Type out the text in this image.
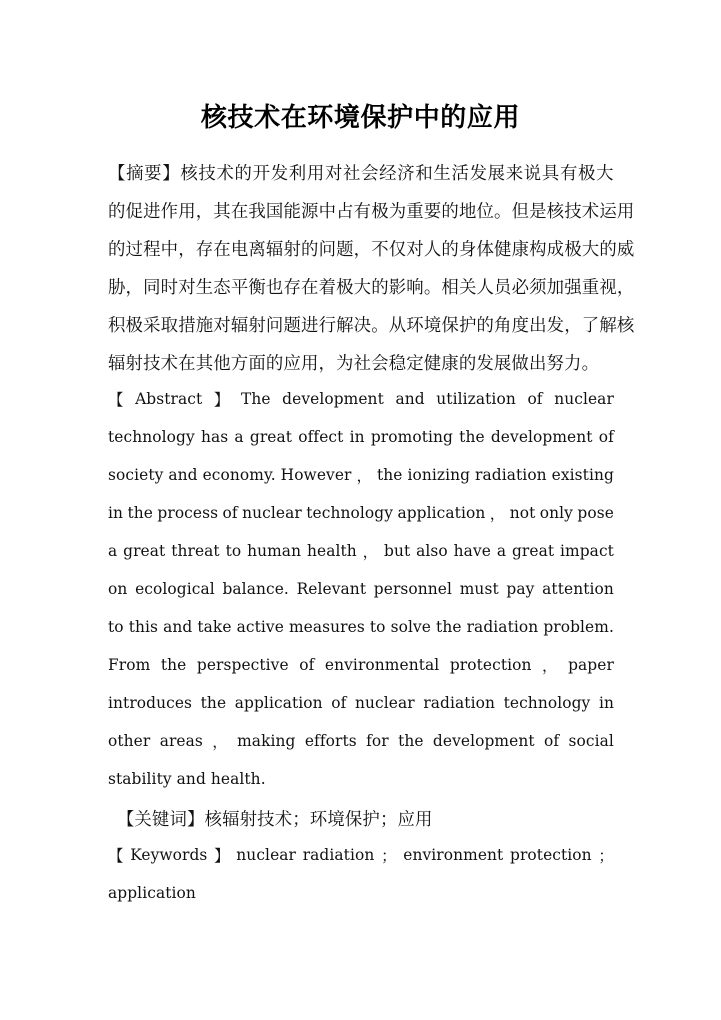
核技术在环境保护中的应用
【 摘 要 】 核 技 术 的 开 发 利 用 对 社 会 经 济 和 生 活 发 展 来 说 具 有 极 大
的 促 进 作 用 ， 其 在 我 国 能 源 中 占 有 极 为 重 要 的 地 位 。 但 是 核 技 术 运 用
的 过 程 中 ， 存 在 电 离 辐 射 的 问 题 ， 不 仅 对 人 的 身 体 健 康 构 成 极 大 的 威
胁 ， 同 时 对 生 态 平 衡 也 存 在 着 极 大 的 影 响 。 相 关 人 员 必 须 加 强 重 视 ，
积 极 采 取 措 施 对 辐 射 问 题 进 行 解 决 。 从 环 境 保 护 的 角 度 出 发 ， 了 解 核
辐射技术在其他方面的应用，为社会稳定健康的发展做出努力。
【 Abstract 】 The development and utilization of nuclear
technology has a great offect in promoting the development of
society and economy. However ， the ionizing radiation existing
in the process of nuclear technology application ， not only pose
a great threat to human health ， but also have a great impact
on ecological balance. Relevant personnel must pay attention
to this and take active measures to solve the radiation problem.
From the perspective of environmental protection ， paper
introduces the application of nuclear radiation technology in
other areas ， making efforts for the development of social
stability and health.
　【关键词】核辐射技术；环境保护；应用
【 Keywords 】 nuclear radiation ； environment protection ；
application
